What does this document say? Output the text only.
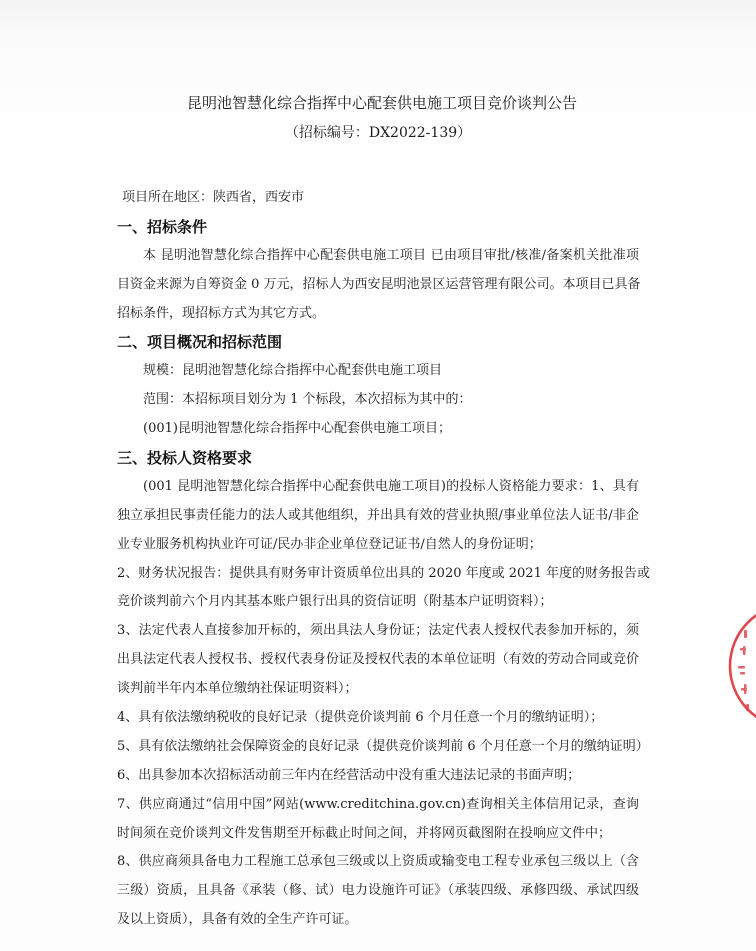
昆明池智慧化综合指挥中心配套供电施工项目竞价谈判公告
（招标编号：DX2022-139）
项目所在地区：陕西省，西安市
一、招标条件
本 昆明池智慧化综合指挥中心配套供电施工项目 已由项目审批/核准/备案机关批准项
目资金来源为自筹资金 0 万元，招标人为西安昆明池景区运营管理有限公司。本项目已具备
招标条件，现招标方式为其它方式。
二、项目概况和招标范围
规模：昆明池智慧化综合指挥中心配套供电施工项目
范围：本招标项目划分为 1 个标段，本次招标为其中的：
(001)昆明池智慧化综合指挥中心配套供电施工项目；
三、投标人资格要求
(001 昆明池智慧化综合指挥中心配套供电施工项目)的投标人资格能力要求：1、具有
独立承担民事责任能力的法人或其他组织，并出具有效的营业执照/事业单位法人证书/非企
业专业服务机构执业许可证/民办非企业单位登记证书/自然人的身份证明；
2、财务状况报告：提供具有财务审计资质单位出具的 2020 年度或 2021 年度的财务报告或
竞价谈判前六个月内其基本账户银行出具的资信证明（附基本户证明资料）；
3、法定代表人直接参加开标的，须出具法人身份证；法定代表人授权代表参加开标的，须
出具法定代表人授权书、授权代表身份证及授权代表的本单位证明（有效的劳动合同或竞价
谈判前半年内本单位缴纳社保证明资料）；
4、具有依法缴纳税收的良好记录（提供竞价谈判前 6 个月任意一个月的缴纳证明）；
5、具有依法缴纳社会保障资金的良好记录（提供竞价谈判前 6 个月任意一个月的缴纳证明）
6、出具参加本次招标活动前三年内在经营活动中没有重大违法记录的书面声明；
7、供应商通过“信用中国”网站(www.creditchina.gov.cn)查询相关主体信用记录，查询
时间须在竞价谈判文件发售期至开标截止时间之间，并将网页截图附在投响应文件中；
8、供应商须具备电力工程施工总承包三级或以上资质或输变电工程专业承包三级以上（含
三级）资质，且具备《承装（修、试）电力设施许可证》（承装四级、承修四级、承试四级
及以上资质），具备有效的全生产许可证。
